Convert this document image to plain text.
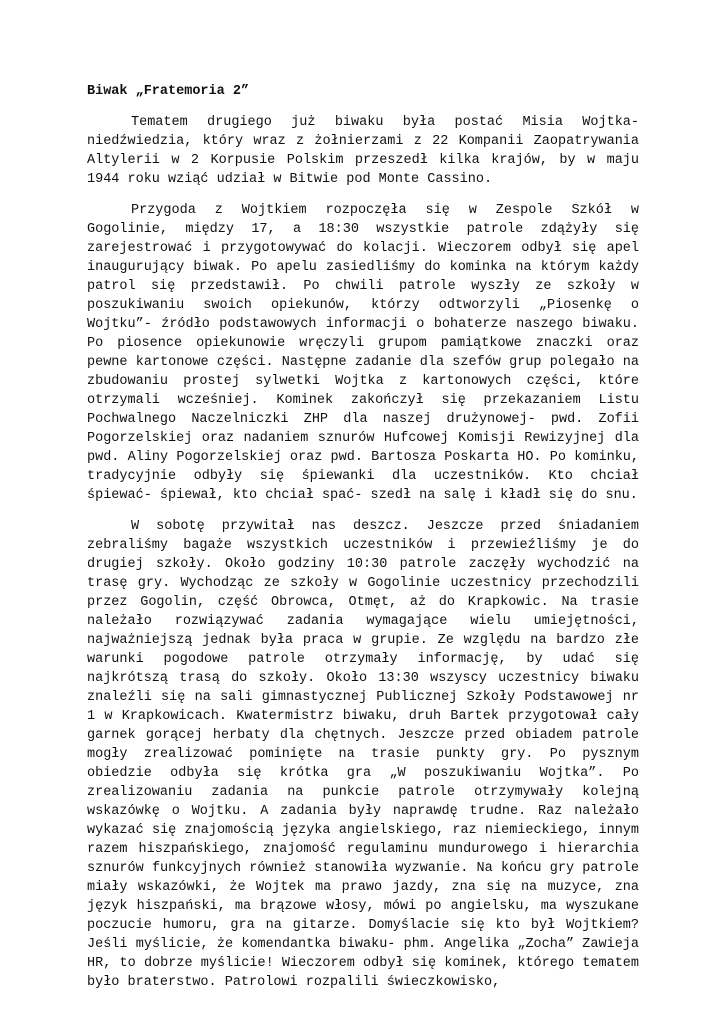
Biwak „Fratemoria 2”

Tematem drugiego już biwaku była postać Misia Wojtka-niedźwiedzia, który wraz z żołnierzami z 22 Kompanii Zaopatrywania Altylerii w 2 Korpusie Polskim przeszedł kilka krajów, by w maju 1944 roku wziąć udział w Bitwie pod Monte Cassino.

Przygoda z Wojtkiem rozpoczęła się w Zespole Szkół w Gogolinie, między 17, a 18:30 wszystkie patrole zdążyły się zarejestrować i przygotowywać do kolacji. Wieczorem odbył się apel inaugurujący biwak. Po apelu zasiedliśmy do kominka na którym każdy patrol się przedstawił. Po chwili patrole wyszły ze szkoły w poszukiwaniu swoich opiekunów, którzy odtworzyli „Piosenkę o Wojtku”- źródło podstawowych informacji o bohaterze naszego biwaku. Po piosence opiekunowie wręczyli grupom pamiątkowe znaczki oraz pewne kartonowe części. Następne zadanie dla szefów grup polegało na zbudowaniu prostej sylwetki Wojtka z kartonowych części, które otrzymali wcześniej. Kominek zakończył się przekazaniem Listu Pochwalnego Naczelniczki ZHP dla naszej drużynowej- pwd. Zofii Pogorzelskiej oraz nadaniem sznurów Hufcowej Komisji Rewizyjnej dla pwd. Aliny Pogorzelskiej oraz pwd. Bartosza Poskarta HO. Po kominku, tradycyjnie odbyły się śpiewanki dla uczestników. Kto chciał śpiewać- śpiewał, kto chciał spać- szedł na salę i kładł się do snu.

W sobotę przywitał nas deszcz. Jeszcze przed śniadaniem zebraliśmy bagaże wszystkich uczestników i przewieźliśmy je do drugiej szkoły. Około godziny 10:30 patrole zaczęły wychodzić na trasę gry. Wychodząc ze szkoły w Gogolinie uczestnicy przechodzili przez Gogolin, część Obrowca, Otmęt, aż do Krapkowic. Na trasie należało rozwiązywać zadania wymagające wielu umiejętności, najważniejszą jednak była praca w grupie. Ze względu na bardzo złe warunki pogodowe patrole otrzymały informację, by udać się najkrótszą trasą do szkoły. Około 13:30 wszyscy uczestnicy biwaku znaleźli się na sali gimnastycznej Publicznej Szkoły Podstawowej nr 1 w Krapkowicach. Kwatermistrz biwaku, druh Bartek przygotował cały garnek gorącej herbaty dla chętnych. Jeszcze przed obiadem patrole mogły zrealizować pominięte na trasie punkty gry. Po pysznym obiedzie odbyła się krótka gra „W poszukiwaniu Wojtka”. Po zrealizowaniu zadania na punkcie patrole otrzymywały kolejną wskazówkę o Wojtku. A zadania były naprawdę trudne. Raz należało wykazać się znajomością języka angielskiego, raz niemieckiego, innym razem hiszpańskiego, znajomość regulaminu mundurowego i hierarchia sznurów funkcyjnych również stanowiła wyzwanie. Na końcu gry patrole miały wskazówki, że Wojtek ma prawo jazdy, zna się na muzyce, zna język hiszpański, ma brązowe włosy, mówi po angielsku, ma wyszukane poczucie humoru, gra na gitarze. Domyślacie się kto był Wojtkiem? Jeśli myślicie, że komendantka biwaku- phm. Angelika „Zocha” Zawieja HR, to dobrze myślicie! Wieczorem odbył się kominek, którego tematem było braterstwo. Patrolowi rozpalili świeczkowisko,
